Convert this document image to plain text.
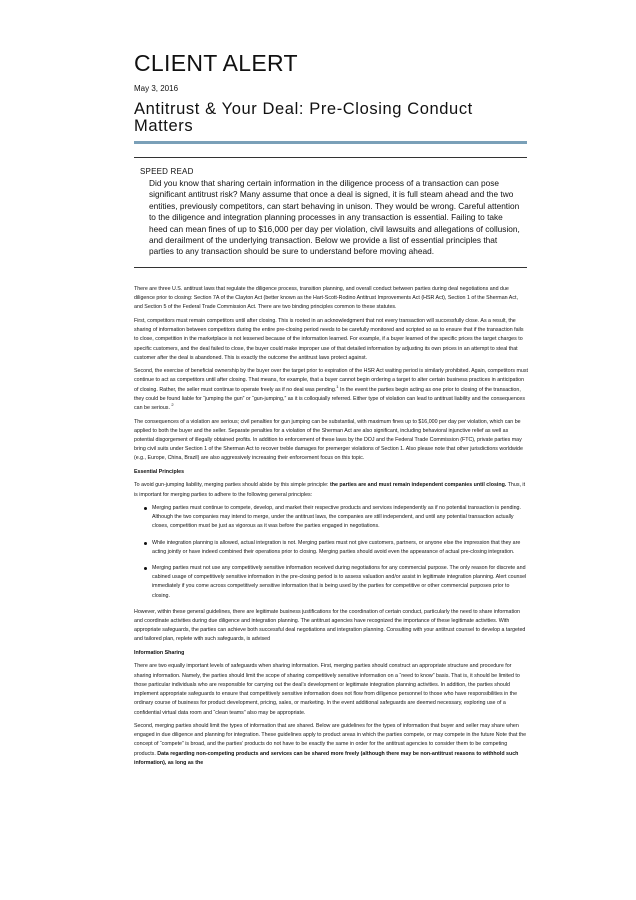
CLIENT ALERT
May 3, 2016
Antitrust & Your Deal: Pre-Closing Conduct Matters
SPEED READ

Did you know that sharing certain information in the diligence process of a transaction can pose significant antitrust risk? Many assume that once a deal is signed, it is full steam ahead and the two entities, previously competitors, can start behaving in unison. They would be wrong. Careful attention to the diligence and integration planning processes in any transaction is essential. Failing to take heed can mean fines of up to $16,000 per day per violation, civil lawsuits and allegations of collusion, and derailment of the underlying transaction. Below we provide a list of essential principles that parties to any transaction should be sure to understand before moving ahead.

There are three U.S. antitrust laws that regulate the diligence process, transition planning, and overall conduct between parties during deal negotiations and due diligence prior to closing: Section 7A of the Clayton Act (better known as the Hart-Scott-Rodino Antitrust Improvements Act (HSR Act), Section 1 of the Sherman Act, and Section 5 of the Federal Trade Commission Act. There are two binding principles common to these statutes.

First, competitors must remain competitors until after closing. This is rooted in an acknowledgment that not every transaction will successfully close. As a result, the sharing of information between competitors during the entire pre-closing period needs to be carefully monitored and scripted so as to ensure that if the transaction fails to close, competition in the marketplace is not lessened because of the information learned. For example, if a buyer learned of the specific prices the target charges to specific customers, and the deal failed to close, the buyer could make improper use of that detailed information by adjusting its own prices in an attempt to steal that customer after the deal is abandoned. This is exactly the outcome the antitrust laws protect against.

Second, the exercise of beneficial ownership by the buyer over the target prior to expiration of the HSR Act waiting period is similarly prohibited. Again, competitors must continue to act as competitors until after closing. That means, for example, that a buyer cannot begin ordering a target to alter certain business practices in anticipation of closing. Rather, the seller must continue to operate freely as if no deal was pending.$^1$ In the event the parties begin acting as one prior to closing of the transaction, they could be found liable for “jumping the gun” or “gun-jumping,” as it is colloquially referred. Either type of violation can lead to antitrust liability and the consequences can be serious. $^2$

The consequences of a violation are serious; civil penalties for gun jumping can be substantial, with maximum fines up to $16,000 per day per violation, which can be applied to both the buyer and the seller. Separate penalties for a violation of the Sherman Act are also significant, including behavioral injunctive relief as well as potential disgorgement of illegally obtained profits. In addition to enforcement of these laws by the DOJ and the Federal Trade Commission (FTC), private parties may bring civil suits under Section 1 of the Sherman Act to recover treble damages for premerger violations of Section 1. Also please note that other jurisdictions worldwide (e.g., Europe, China, Brazil) are also aggressively increasing their enforcement focus on this topic.

Essential Principles

To avoid gun-jumping liability, merging parties should abide by this simple principle: the parties are and must remain independent companies until closing. Thus, it is important for merging parties to adhere to the following general principles:

Merging parties must continue to compete, develop, and market their respective products and services independently as if no potential transaction is pending. Although the two companies may intend to merge, under the antitrust laws, the companies are still independent, and until any potential transaction actually closes, competition must be just as vigorous as it was before the parties engaged in negotiations.
While integration planning is allowed, actual integration is not. Merging parties must not give customers, partners, or anyone else the impression that they are acting jointly or have indeed combined their operations prior to closing. Merging parties should avoid even the appearance of actual pre-closing integration.
Merging parties must not use any competitively sensitive information received during negotiations for any commercial purpose. The only reason for discrete and cabined usage of competitively sensitive information in the pre-closing period is to assess valuation and/or assist in legitimate integration planning. Alert counsel immediately if you come across competitively sensitive information that is being used by the parties for competitive or other commercial purposes prior to closing.

However, within these general guidelines, there are legitimate business justifications for the coordination of certain conduct, particularly the need to share information and coordinate activities during due diligence and integration planning. The antitrust agencies have recognized the importance of these legitimate activities. With appropriate safeguards, the parties can achieve both successful deal negotiations and integration planning. Consulting with your antitrust counsel to develop a targeted and tailored plan, replete with such safeguards, is advised

Information Sharing

There are two equally important levels of safeguards when sharing information. First, merging parties should construct an appropriate structure and procedure for sharing information. Namely, the parties should limit the scope of sharing competitively sensitive information on a “need to know” basis. That is, it should be limited to those particular individuals who are responsible for carrying out the deal’s development or legitimate integration planning activities. In addition, the parties should implement appropriate safeguards to ensure that competitively sensitive information does not flow from diligence personnel to those who have responsibilities in the ordinary course of business for product development, pricing, sales, or marketing. In the event additional safeguards are deemed necessary, exploring use of a confidential virtual data room and “clean teams” also may be appropriate.

Second, merging parties should limit the types of information that are shared. Below are guidelines for the types of information that buyer and seller may share when engaged in due diligence and planning for integration. These guidelines apply to product areas in which the parties compete, or may compete in the future Note that the concept of “compete” is broad, and the parties’ products do not have to be exactly the same in order for the antitrust agencies to consider them to be competing products. Data regarding non-competing products and services can be shared more freely (although there may be non-antitrust reasons to withhold such information), as long as the
